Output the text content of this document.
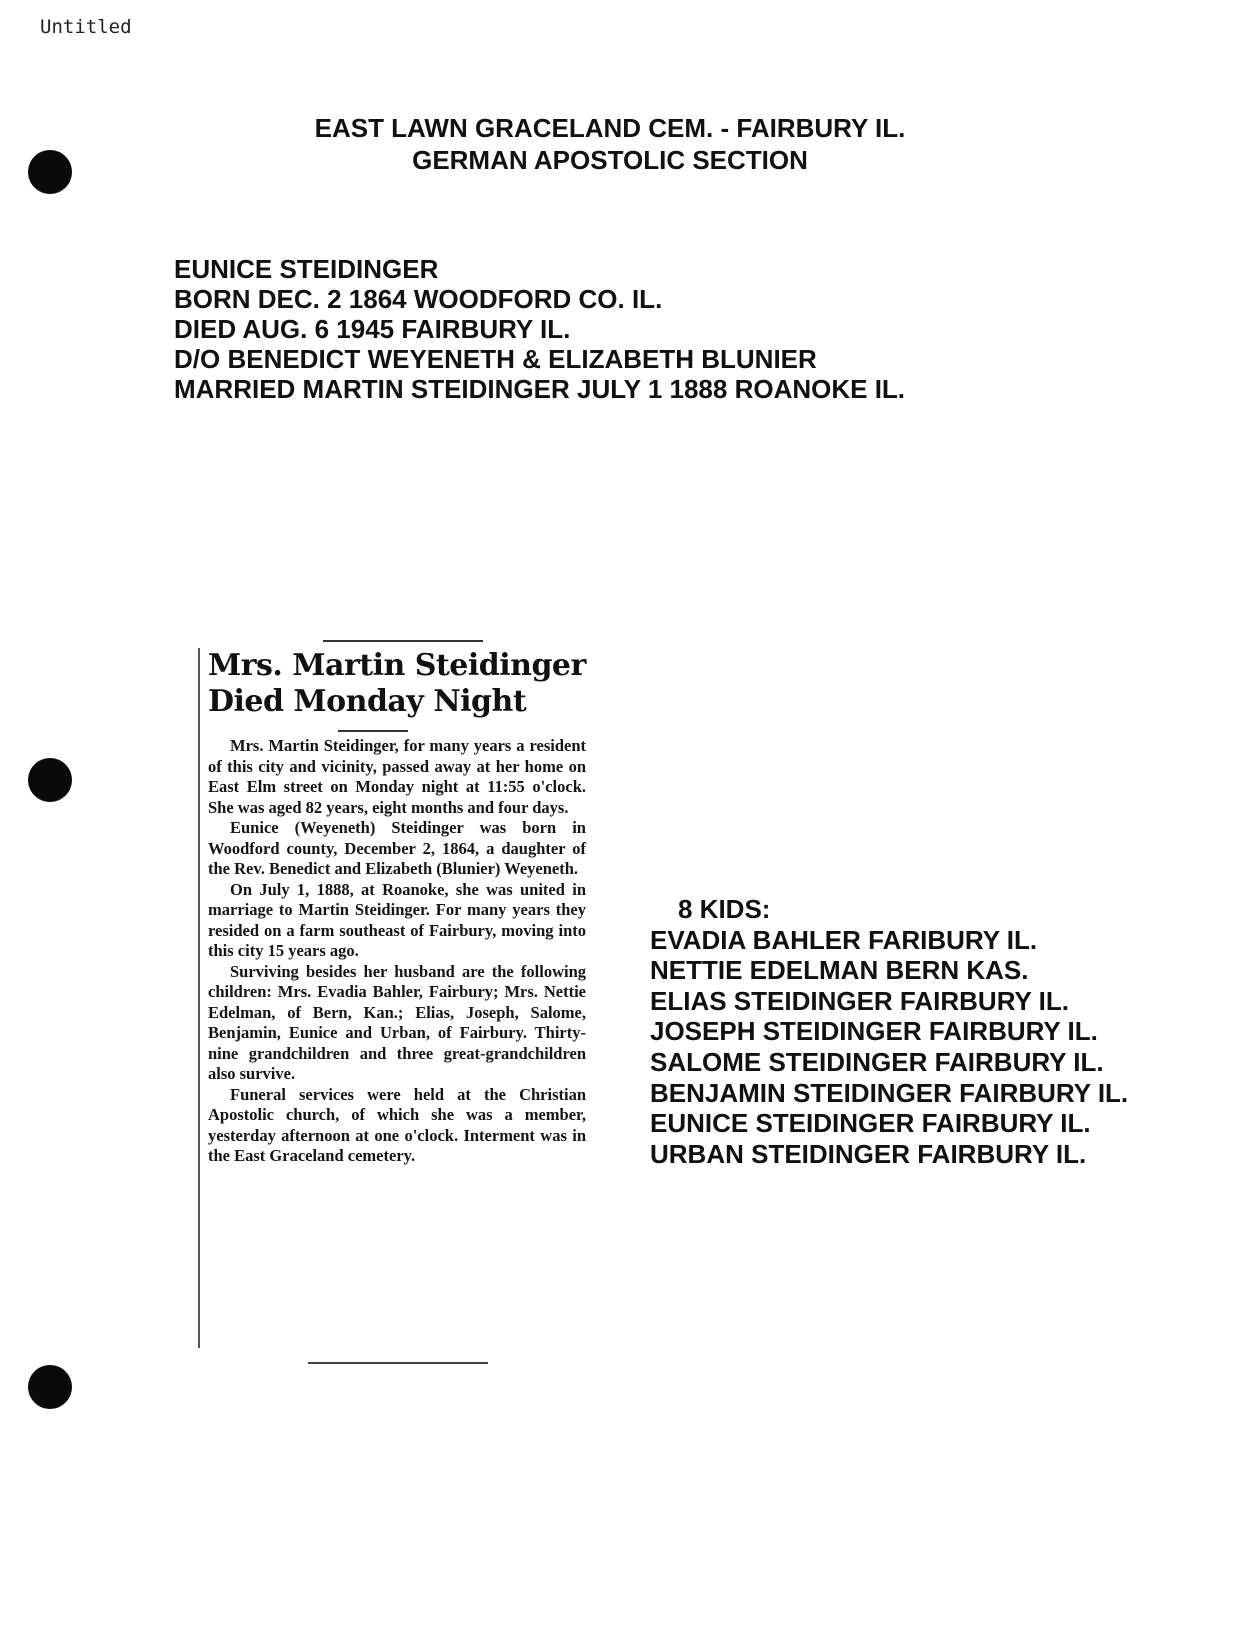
Untitled
EAST LAWN GRACELAND CEM. - FAIRBURY IL.
GERMAN APOSTOLIC SECTION
EUNICE STEIDINGER
BORN DEC. 2 1864 WOODFORD CO. IL.
DIED AUG. 6 1945 FAIRBURY IL.
D/O BENEDICT WEYENETH & ELIZABETH BLUNIER
MARRIED MARTIN STEIDINGER JULY 1 1888 ROANOKE IL.
Mrs. Martin Steidinger
Died Monday Night

Mrs. Martin Steidinger, for many years a resident of this city and vicinity, passed away at her home on East Elm street on Monday night at 11:55 o'clock. She was aged 82 years, eight months and four days.

Eunice (Weyeneth) Steidinger was born in Woodford county, December 2, 1864, a daughter of the Rev. Benedict and Elizabeth (Blunier) Weyeneth.

On July 1, 1888, at Roanoke, she was united in marriage to Martin Steidinger. For many years they resided on a farm southeast of Fairbury, moving into this city 15 years ago.

Surviving besides her husband are the following children: Mrs. Evadia Bahler, Fairbury; Mrs. Nettie Edelman, of Bern, Kan.; Elias, Joseph, Salome, Benjamin, Eunice and Urban, of Fairbury. Thirty-nine grandchildren and three great-grandchildren also survive.

Funeral services were held at the Christian Apostolic church, of which she was a member, yesterday afternoon at one o'clock. Interment was in the East Graceland cemetery.

8 KIDS:
EVADIA BAHLER FARIBURY IL.
NETTIE EDELMAN BERN KAS.
ELIAS STEIDINGER FAIRBURY IL.
JOSEPH STEIDINGER FAIRBURY IL.
SALOME STEIDINGER FAIRBURY IL.
BENJAMIN STEIDINGER FAIRBURY IL.
EUNICE STEIDINGER FAIRBURY IL.
URBAN STEIDINGER FAIRBURY IL.
